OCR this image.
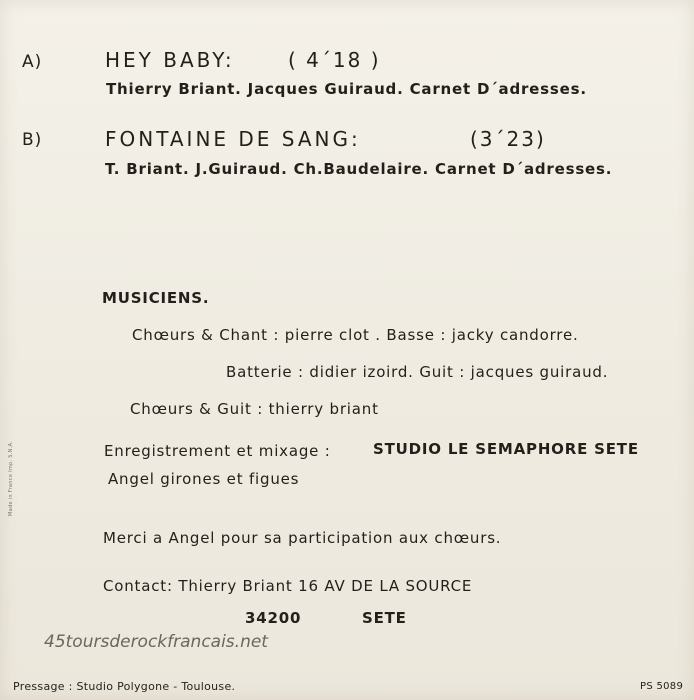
A)	HEY BABY:	( 4´18 )
Thierry Briant. Jacques Guiraud. Carnet D´adresses.
B)	FONTAINE DE SANG:	(3´23)
T. Briant. J.Guiraud. Ch.Baudelaire. Carnet D´adresses.
MUSICIENS.
Chœurs & Chant : pierre clot . Basse : jacky candorre.
Batterie : didier izoird. Guit : jacques guiraud.
Chœurs & Guit : thierry briant
Enregistrement et mixage :	STUDIO LE SEMAPHORE SETE
Angel girones et figues
Merci a Angel pour sa participation aux chœurs.
Contact: Thierry Briant 16 AV DE LA SOURCE
34200	SETE
45toursderockfrancais.net
Pressage : Studio Polygone - Toulouse.	PS 5089
Made in France Imp. S.N.A.
